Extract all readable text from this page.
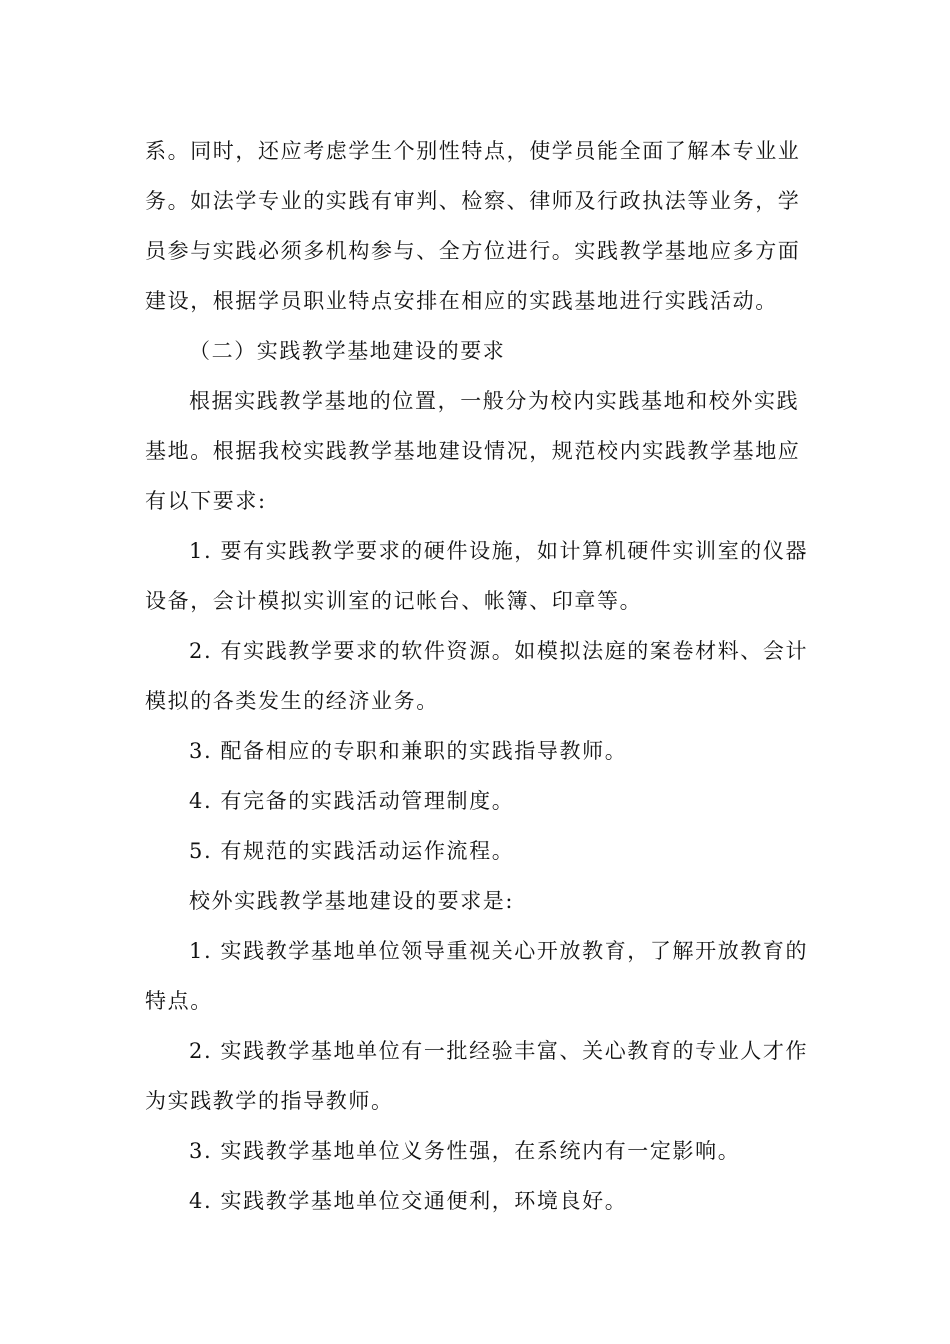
系。同时，还应考虑学生个别性特点，使学员能全面了解本专业业
务。如法学专业的实践有审判、检察、律师及行政执法等业务，学
员参与实践必须多机构参与、全方位进行。实践教学基地应多方面
建设，根据学员职业特点安排在相应的实践基地进行实践活动。
（二）实践教学基地建设的要求
根据实践教学基地的位置，一般分为校内实践基地和校外实践
基地。根据我校实践教学基地建设情况，规范校内实践教学基地应
有以下要求:
1. 要有实践教学要求的硬件设施，如计算机硬件实训室的仪器
设备，会计模拟实训室的记帐台、帐簿、印章等。
2. 有实践教学要求的软件资源。如模拟法庭的案卷材料、会计
模拟的各类发生的经济业务。
3. 配备相应的专职和兼职的实践指导教师。
4. 有完备的实践活动管理制度。
5. 有规范的实践活动运作流程。
校外实践教学基地建设的要求是:
1. 实践教学基地单位领导重视关心开放教育，了解开放教育的
特点。
2. 实践教学基地单位有一批经验丰富、关心教育的专业人才作
为实践教学的指导教师。
3. 实践教学基地单位义务性强，在系统内有一定影响。
4. 实践教学基地单位交通便利，环境良好。
